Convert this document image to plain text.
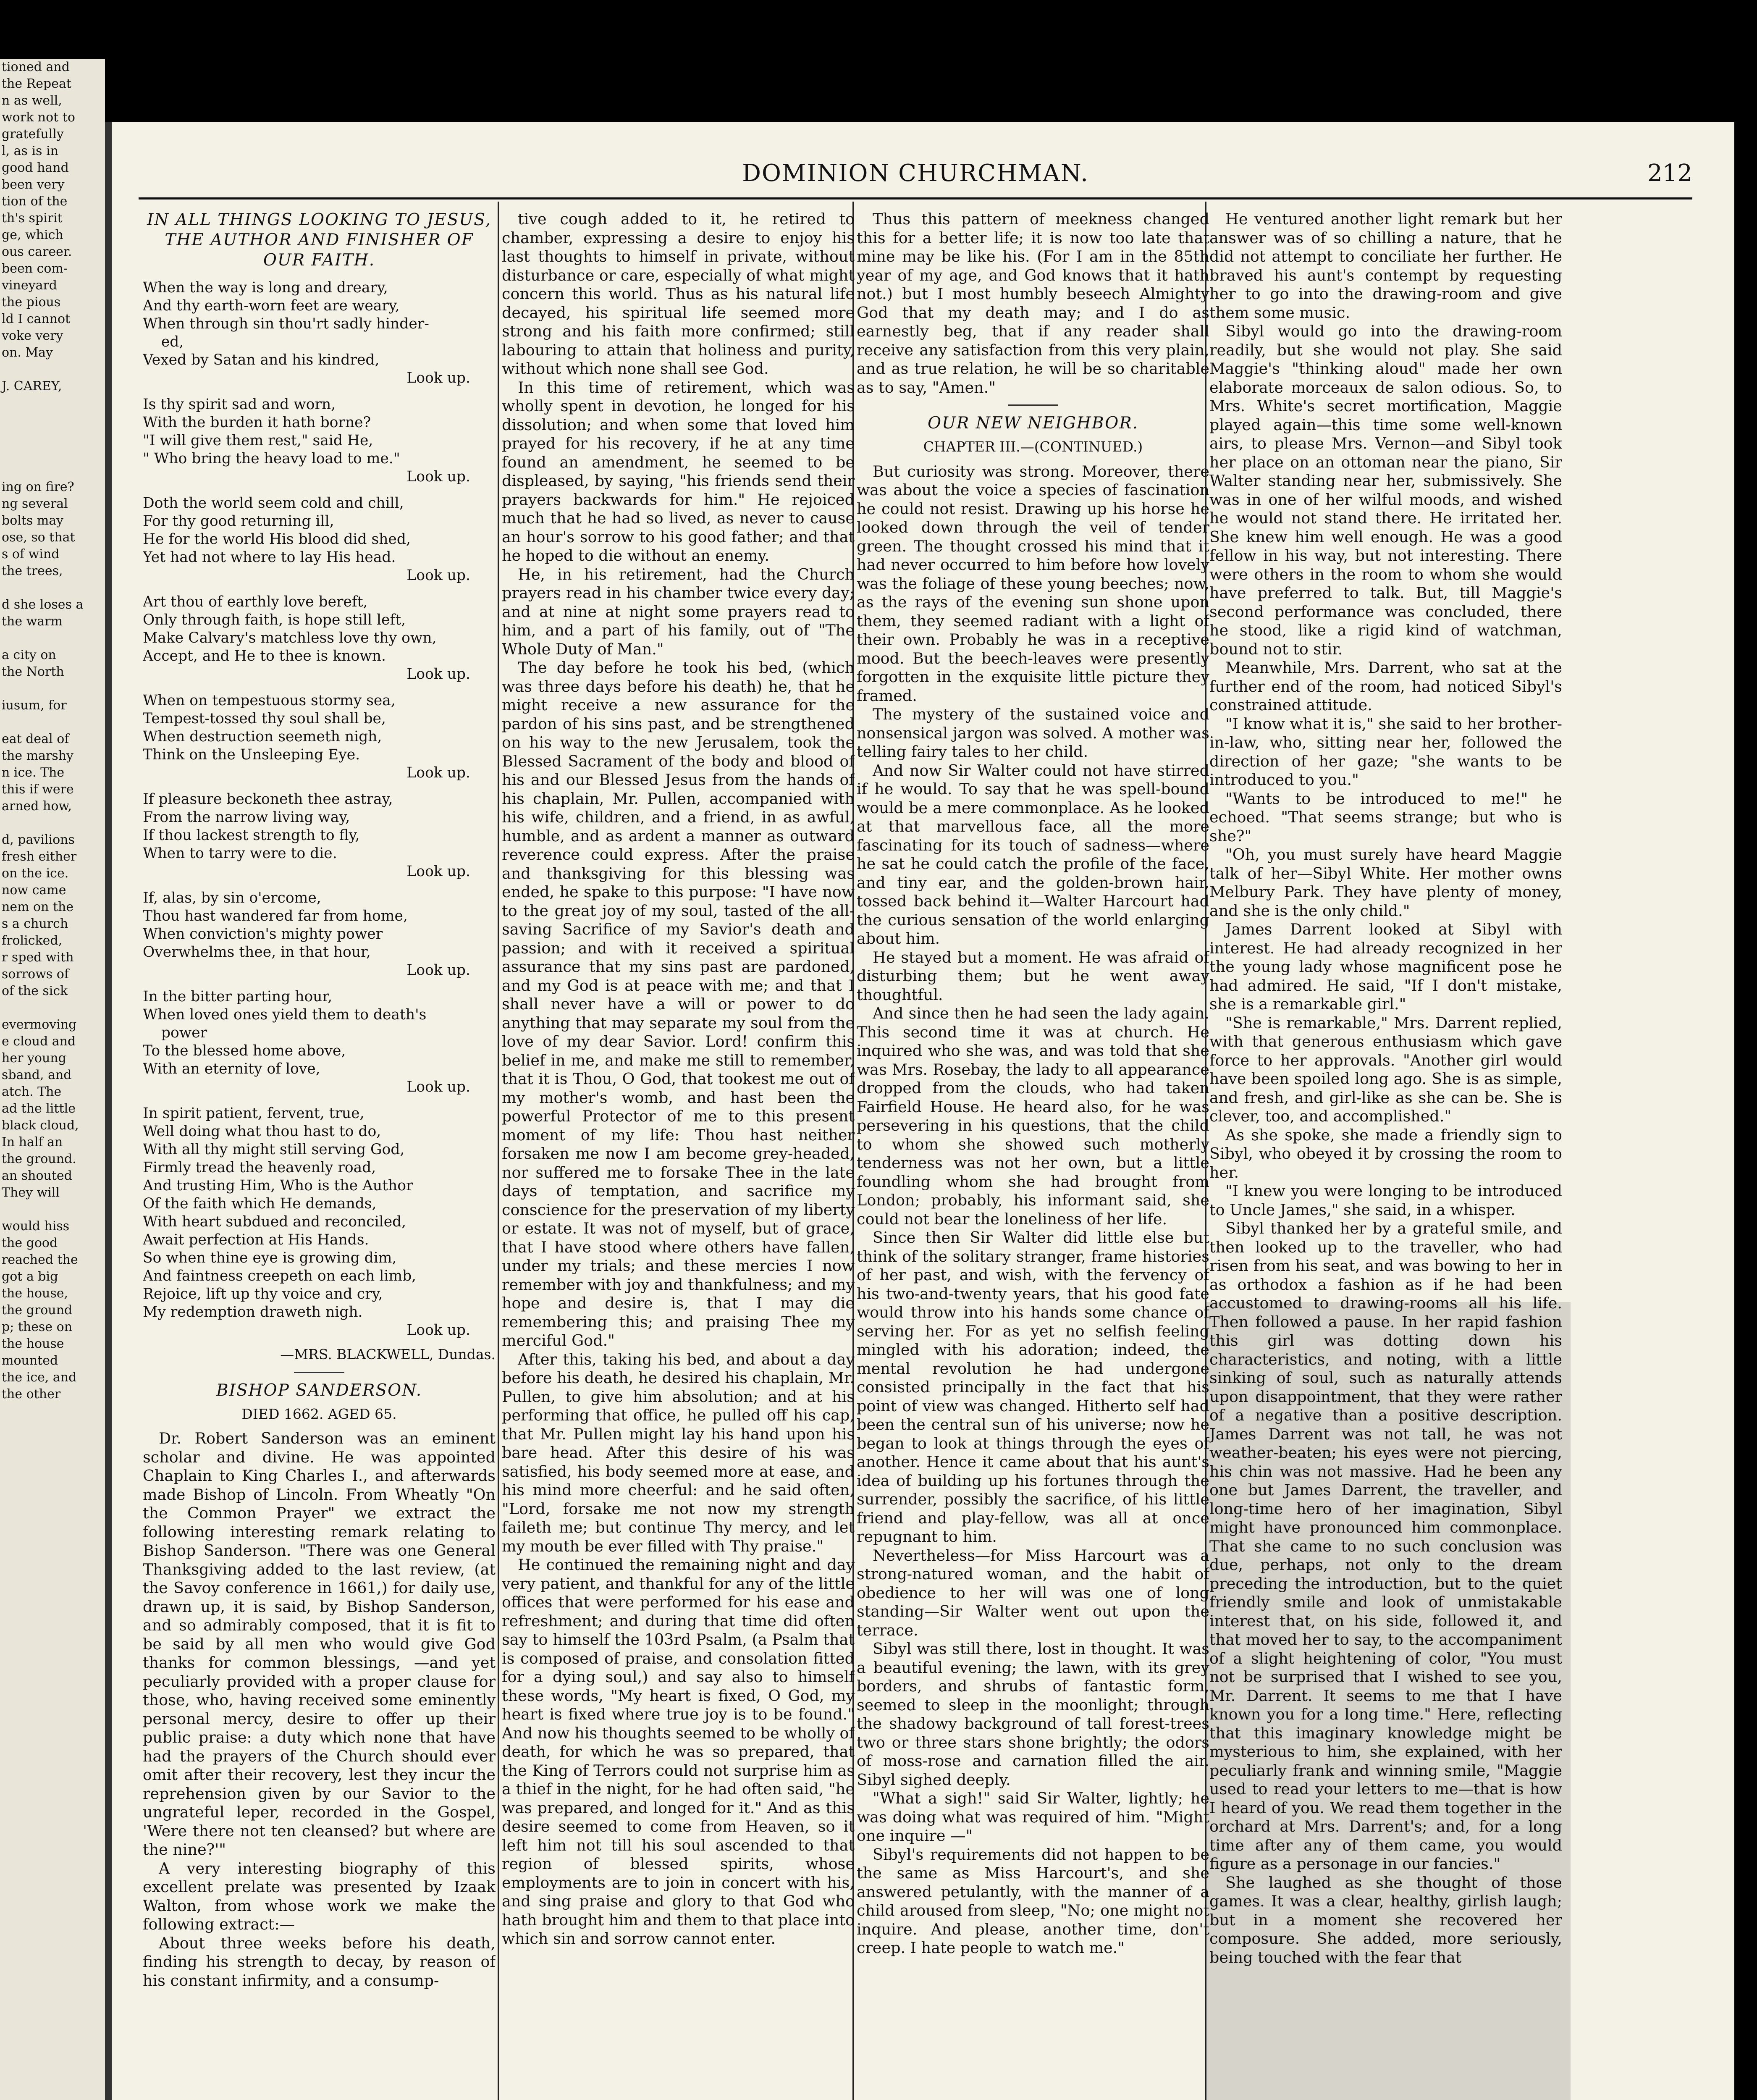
tioned and
the Repeat
n as well,
work not to
gratefully
l, as is in
good hand
been very
tion of the
th's spirit
ge, which
ous career.
been com-
vineyard
the pious
ld I cannot
voke very
on. May

J. CAREY,

ing on fire?
ng several
bolts may
ose, so that
s of wind
the trees,

d she loses a
the warm

a city on
the North

iusum, for

eat deal of
the marshy
n ice. The
this if were
arned how,

d, pavilions
fresh either
on the ice.
now came
nem on the
s a church
frolicked,
r sped with
sorrows of
of the sick

evermoving
e cloud and
her young
sband, and
atch. The
ad the little
black cloud,
In half an
the ground.
an shouted
They will

would hiss
the good
reached the
got a big
the house,
the ground
p; these on
the house
mounted
the ice, and
the other

DOMINION CHURCHMAN.	212
IN ALL THINGS LOOKING TO JESUS, THE AUTHOR AND FINISHER OF OUR FAITH.
When the way is long and dreary,
And thy earth-worn feet are weary,
When through sin thou'rt sadly hinder-
ed,
Vexed by Satan and his kindred,
Look up.
Is thy spirit sad and worn,
With the burden it hath borne?
"I will give them rest," said He,
" Who bring the heavy load to me."
Look up.
Doth the world seem cold and chill,
For thy good returning ill,
He for the world His blood did shed,
Yet had not where to lay His head.
Look up.
Art thou of earthly love bereft,
Only through faith, is hope still left,
Make Calvary's matchless love thy own,
Accept, and He to thee is known.
Look up.
When on tempestuous stormy sea,
Tempest-tossed thy soul shall be,
When destruction seemeth nigh,
Think on the Unsleeping Eye.
Look up.
If pleasure beckoneth thee astray,
From the narrow living way,
If thou lackest strength to fly,
When to tarry were to die.
Look up.
If, alas, by sin o'ercome,
Thou hast wandered far from home,
When conviction's mighty power
Overwhelms thee, in that hour,
Look up.
In the bitter parting hour,
When loved ones yield them to death's
power
To the blessed home above,
With an eternity of love,
Look up.
In spirit patient, fervent, true,
Well doing what thou hast to do,
With all thy might still serving God,
Firmly tread the heavenly road,
And trusting Him, Who is the Author
Of the faith which He demands,
With heart subdued and reconciled,
Await perfection at His Hands.
So when thine eye is growing dim,
And faintness creepeth on each limb,
Rejoice, lift up thy voice and cry,
My redemption draweth nigh.
Look up.
—MRS. BLACKWELL, Dundas.
BISHOP SANDERSON.
DIED 1662. AGED 65.

Dr. Robert Sanderson was an eminent scholar and divine. He was appointed Chaplain to King Charles I., and afterwards made Bishop of Lincoln. From Wheatly "On the Common Prayer" we extract the following interesting remark relating to Bishop Sanderson. "There was one General Thanksgiving added to the last review, (at the Savoy conference in 1661,) for daily use, drawn up, it is said, by Bishop Sanderson, and so admirably composed, that it is fit to be said by all men who would give God thanks for common blessings, —and yet peculiarly provided with a proper clause for those, who, having received some eminently personal mercy, desire to offer up their public praise: a duty which none that have had the prayers of the Church should ever omit after their recovery, lest they incur the reprehension given by our Savior to the ungrateful leper, recorded in the Gospel, 'Were there not ten cleansed? but where are the nine?'"

A very interesting biography of this excellent prelate was presented by Izaak Walton, from whose work we make the following extract:—

About three weeks before his death, finding his strength to decay, by reason of his constant infirmity, and a consump-

tive cough added to it, he retired to chamber, expressing a desire to enjoy his last thoughts to himself in private, without disturbance or care, especially of what might concern this world. Thus as his natural life decayed, his spiritual life seemed more strong and his faith more confirmed; still labouring to attain that holiness and purity, without which none shall see God.

In this time of retirement, which was wholly spent in devotion, he longed for his dissolution; and when some that loved him prayed for his recovery, if he at any time found an amendment, he seemed to be displeased, by saying, "his friends send their prayers backwards for him." He rejoiced much that he had so lived, as never to cause an hour's sorrow to his good father; and that he hoped to die without an enemy.

He, in his retirement, had the Church prayers read in his chamber twice every day; and at nine at night some prayers read to him, and a part of his family, out of "The Whole Duty of Man."

The day before he took his bed, (which was three days before his death) he, that he might receive a new assurance for the pardon of his sins past, and be strengthened on his way to the new Jerusalem, took the Blessed Sacrament of the body and blood of his and our Blessed Jesus from the hands of his chaplain, Mr. Pullen, accompanied with his wife, children, and a friend, in as awful, humble, and as ardent a manner as outward reverence could express. After the praise and thanksgiving for this blessing was ended, he spake to this purpose: "I have now to the great joy of my soul, tasted of the all-saving Sacrifice of my Savior's death and passion; and with it received a spiritual assurance that my sins past are pardoned, and my God is at peace with me; and that I shall never have a will or power to do anything that may separate my soul from the love of my dear Savior. Lord! confirm this belief in me, and make me still to remember, that it is Thou, O God, that tookest me out of my mother's womb, and hast been the powerful Protector of me to this present moment of my life: Thou hast neither forsaken me now I am become grey-headed, nor suffered me to forsake Thee in the late days of temptation, and sacrifice my conscience for the preservation of my liberty or estate. It was not of myself, but of grace, that I have stood where others have fallen, under my trials; and these mercies I now remember with joy and thankfulness; and my hope and desire is, that I may die remembering this; and praising Thee my merciful God."

After this, taking his bed, and about a day before his death, he desired his chaplain, Mr. Pullen, to give him absolution; and at his performing that office, he pulled off his cap, that Mr. Pullen might lay his hand upon his bare head. After this desire of his was satisfied, his body seemed more at ease, and his mind more cheerful: and he said often, "Lord, forsake me not now my strength faileth me; but continue Thy mercy, and let my mouth be ever filled with Thy praise."

He continued the remaining night and day very patient, and thankful for any of the little offices that were performed for his ease and refreshment; and during that time did often say to himself the 103rd Psalm, (a Psalm that is composed of praise, and consolation fitted for a dying soul,) and say also to himself these words, "My heart is fixed, O God, my heart is fixed where true joy is to be found." And now his thoughts seemed to be wholly of death, for which he was so prepared, that the King of Terrors could not surprise him as a thief in the night, for he had often said, "he was prepared, and longed for it." And as this desire seemed to come from Heaven, so it left him not till his soul ascended to that region of blessed spirits, whose employments are to join in concert with his, and sing praise and glory to that God who hath brought him and them to that place into which sin and sorrow cannot enter.

Thus this pattern of meekness changed this for a better life; it is now too late that mine may be like his. (For I am in the 85th year of my age, and God knows that it hath not.) but I most humbly beseech Almighty God that my death may; and I do as earnestly beg, that if any reader shall receive any satisfaction from this very plain, and as true relation, he will be so charitable as to say, "Amen."

OUR NEW NEIGHBOR.
CHAPTER III.—(CONTINUED.)

But curiosity was strong. Moreover, there was about the voice a species of fascination he could not resist. Drawing up his horse he looked down through the veil of tender green. The thought crossed his mind that it had never occurred to him before how lovely was the foliage of these young beeches; now, as the rays of the evening sun shone upon them, they seemed radiant with a light of their own. Probably he was in a receptive mood. But the beech-leaves were presently forgotten in the exquisite little picture they framed.

The mystery of the sustained voice and nonsensical jargon was solved. A mother was telling fairy tales to her child.

And now Sir Walter could not have stirred if he would. To say that he was spell-bound would be a mere commonplace. As he looked at that marvellous face, all the more fascinating for its touch of sadness—where he sat he could catch the profile of the face, and tiny ear, and the golden-brown hair, tossed back behind it—Walter Harcourt had the curious sensation of the world enlarging about him.

He stayed but a moment. He was afraid of disturbing them; but he went away thoughtful.

And since then he had seen the lady again. This second time it was at church. He inquired who she was, and was told that she was Mrs. Rosebay, the lady to all appearance dropped from the clouds, who had taken Fairfield House. He heard also, for he was persevering in his questions, that the child to whom she showed such motherly tenderness was not her own, but a little foundling whom she had brought from London; probably, his informant said, she could not bear the loneliness of her life.

Since then Sir Walter did little else but think of the solitary stranger, frame histories of her past, and wish, with the fervency of his two-and-twenty years, that his good fate would throw into his hands some chance of serving her. For as yet no selfish feeling mingled with his adoration; indeed, the mental revolution he had undergone consisted principally in the fact that his point of view was changed. Hitherto self had been the central sun of his universe; now he began to look at things through the eyes of another. Hence it came about that his aunt's idea of building up his fortunes through the surrender, possibly the sacrifice, of his little friend and play-fellow, was all at once repugnant to him.

Nevertheless—for Miss Harcourt was a strong-natured woman, and the habit of obedience to her will was one of long standing—Sir Walter went out upon the terrace.

Sibyl was still there, lost in thought. It was a beautiful evening; the lawn, with its grey borders, and shrubs of fantastic form, seemed to sleep in the moonlight; through the shadowy background of tall forest-trees two or three stars shone brightly; the odors of moss-rose and carnation filled the air. Sibyl sighed deeply.

"What a sigh!" said Sir Walter, lightly; he was doing what was required of him. "Might one inquire —"

Sibyl's requirements did not happen to be the same as Miss Harcourt's, and she answered petulantly, with the manner of a child aroused from sleep, "No; one might not inquire. And please, another time, don't creep. I hate people to watch me."

He ventured another light remark but her answer was of so chilling a nature, that he did not attempt to conciliate her further. He braved his aunt's contempt by requesting her to go into the drawing-room and give them some music.

Sibyl would go into the drawing-room readily, but she would not play. She said Maggie's "thinking aloud" made her own elaborate morceaux de salon odious. So, to Mrs. White's secret mortification, Maggie played again—this time some well-known airs, to please Mrs. Vernon—and Sibyl took her place on an ottoman near the piano, Sir Walter standing near her, submissively. She was in one of her wilful moods, and wished he would not stand there. He irritated her. She knew him well enough. He was a good fellow in his way, but not interesting. There were others in the room to whom she would have preferred to talk. But, till Maggie's second performance was concluded, there he stood, like a rigid kind of watchman, bound not to stir.

Meanwhile, Mrs. Darrent, who sat at the further end of the room, had noticed Sibyl's constrained attitude.

"I know what it is," she said to her brother-in-law, who, sitting near her, followed the direction of her gaze; "she wants to be introduced to you."

"Wants to be introduced to me!" he echoed. "That seems strange; but who is she?"

"Oh, you must surely have heard Maggie talk of her—Sibyl White. Her mother owns Melbury Park. They have plenty of money, and she is the only child."

James Darrent looked at Sibyl with interest. He had already recognized in her the young lady whose magnificent pose he had admired. He said, "If I don't mistake, she is a remarkable girl."

"She is remarkable," Mrs. Darrent replied, with that generous enthusiasm which gave force to her approvals. "Another girl would have been spoiled long ago. She is as simple, and fresh, and girl-like as she can be. She is clever, too, and accomplished."

As she spoke, she made a friendly sign to Sibyl, who obeyed it by crossing the room to her.

"I knew you were longing to be introduced to Uncle James," she said, in a whisper.

Sibyl thanked her by a grateful smile, and then looked up to the traveller, who had risen from his seat, and was bowing to her in as orthodox a fashion as if he had been accustomed to drawing-rooms all his life. Then followed a pause. In her rapid fashion this girl was dotting down his characteristics, and noting, with a little sinking of soul, such as naturally attends upon disappointment, that they were rather of a negative than a positive description. James Darrent was not tall, he was not weather-beaten; his eyes were not piercing, his chin was not massive. Had he been any one but James Darrent, the traveller, and long-time hero of her imagination, Sibyl might have pronounced him commonplace. That she came to no such conclusion was due, perhaps, not only to the dream preceding the introduction, but to the quiet friendly smile and look of unmistakable interest that, on his side, followed it, and that moved her to say, to the accompaniment of a slight heightening of color, "You must not be surprised that I wished to see you, Mr. Darrent. It seems to me that I have known you for a long time." Here, reflecting that this imaginary knowledge might be mysterious to him, she explained, with her peculiarly frank and winning smile, "Maggie used to read your letters to me—that is how I heard of you. We read them together in the orchard at Mrs. Darrent's; and, for a long time after any of them came, you would figure as a personage in our fancies."

She laughed as she thought of those games. It was a clear, healthy, girlish laugh; but in a moment she recovered her composure. She added, more seriously, being touched with the fear that
